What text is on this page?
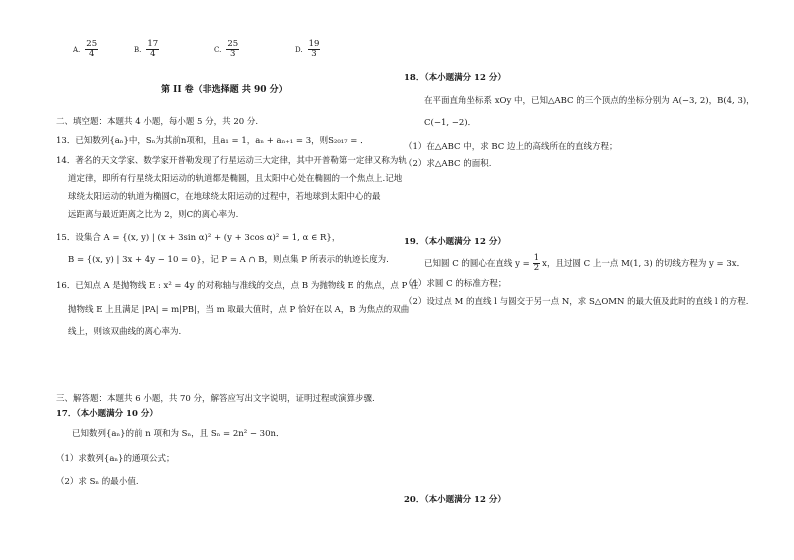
A. $\frac{25}{4}$	B. $\frac{17}{4}$	C. $\frac{25}{3}$	D. $\frac{19}{3}$
第 II 卷（非选择题 共 90 分）
二、填空题：本题共 4 小题，每小题 5 分，共 20 分.
13．已知数列{aₙ}中，Sₙ为其前n项和，且a₁ = 1，aₙ + aₙ₊₁ = 3，则S₂₀₁₇ = ．
14．著名的天文学家、数学家开普勒发现了行星运动三大定律，其中开普勒第一定律又称为轨
道定律，即所有行星绕太阳运动的轨道都是椭圆，且太阳中心处在椭圆的一个焦点上.记地
球绕太阳运动的轨道为椭圆C，在地球绕太阳运动的过程中，若地球到太阳中心的最
远距离与最近距离之比为 2，则C的离心率为.
15．设集合 A = {(x, y) | (x + 3sin α)² + (y + 3cos α)² = 1, α ∈ R}，
B = {(x, y) | 3x + 4y − 10 = 0}，记 P = A ∩ B，则点集 P 所表示的轨迹长度为.
16．已知点 A 是抛物线 E : x² = 4y 的对称轴与准线的交点，点 B 为抛物线 E 的焦点，点 P 在
抛物线 E 上且满足 |PA| = m|PB|，当 m 取最大值时，点 P 恰好在以 A，B 为焦点的双曲
线上，则该双曲线的离心率为.
三、解答题：本题共 6 小题，共 70 分，解答应写出文字说明，证明过程或演算步骤.
17．（本小题满分 10 分）
已知数列{aₙ}的前 n 项和为 Sₙ，且 Sₙ = 2n² − 30n．
（1）求数列{aₙ}的通项公式；
（2）求 Sₙ 的最小值.
18．（本小题满分 12 分）
在平面直角坐标系 xOy 中，已知△ABC 的三个顶点的坐标分别为 A(−3, 2)，B(4, 3)，
C(−1, −2)．
（1）在△ABC 中，求 BC 边上的高线所在的直线方程；
（2）求△ABC 的面积.
19．（本小题满分 12 分）
已知圆 C 的圆心在直线 $y = \frac{1}{2}$ x，且过圆 C 上一点 M(1, 3) 的切线方程为 y = 3x．
（1）求圆 C 的标准方程；
（2）设过点 M 的直线 l 与圆交于另一点 N，求 S△OMN 的最大值及此时的直线 l 的方程.
20．（本小题满分 12 分）
